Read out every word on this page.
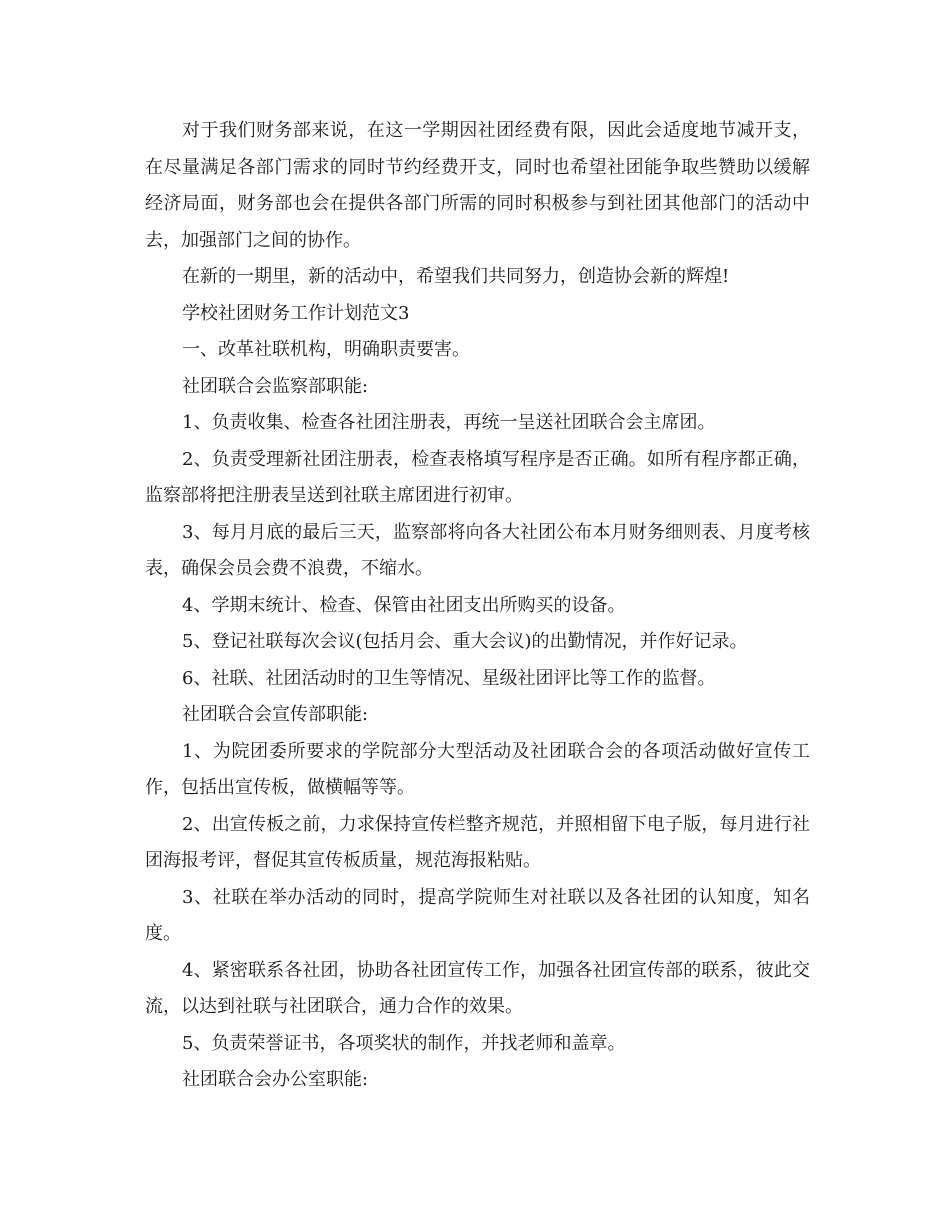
对于我们财务部来说，在这一学期因社团经费有限，因此会适度地节减开支，在尽量满足各部门需求的同时节约经费开支，同时也希望社团能争取些赞助以缓解经济局面，财务部也会在提供各部门所需的同时积极参与到社团其他部门的活动中去，加强部门之间的协作。

在新的一期里，新的活动中，希望我们共同努力，创造协会新的辉煌!

学校社团财务工作计划范文3

一、改革社联机构，明确职责要害。

社团联合会监察部职能:

1、负责收集、检查各社团注册表，再统一呈送社团联合会主席团。

2、负责受理新社团注册表，检查表格填写程序是否正确。如所有程序都正确，监察部将把注册表呈送到社联主席团进行初审。

3、每月月底的最后三天，监察部将向各大社团公布本月财务细则表、月度考核表，确保会员会费不浪费，不缩水。

4、学期末统计、检查、保管由社团支出所购买的设备。

5、登记社联每次会议(包括月会、重大会议)的出勤情况，并作好记录。

6、社联、社团活动时的卫生等情况、星级社团评比等工作的监督。

社团联合会宣传部职能:

1、为院团委所要求的学院部分大型活动及社团联合会的各项活动做好宣传工作，包括出宣传板，做横幅等等。

2、出宣传板之前，力求保持宣传栏整齐规范，并照相留下电子版，每月进行社团海报考评，督促其宣传板质量，规范海报粘贴。

3、社联在举办活动的同时，提高学院师生对社联以及各社团的认知度，知名度。

4、紧密联系各社团，协助各社团宣传工作，加强各社团宣传部的联系，彼此交流，以达到社联与社团联合，通力合作的效果。

5、负责荣誉证书，各项奖状的制作，并找老师和盖章。

社团联合会办公室职能:
